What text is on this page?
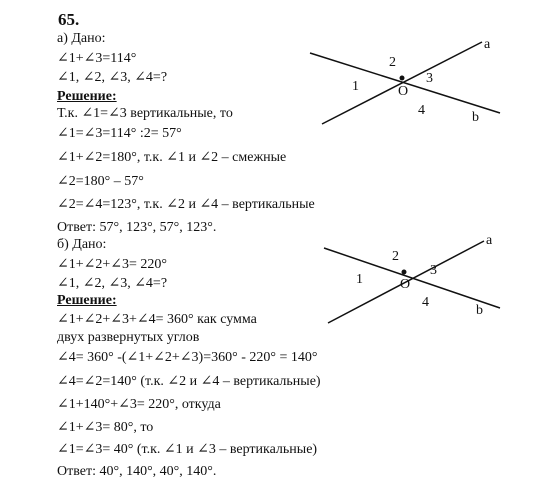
65.
а) Дано:
∠1+∠3=114°
∠1, ∠2, ∠3, ∠4=?
Решение:
Т.к. ∠1=∠3 вертикальные, то
∠1=∠3=114° :2= 57°
∠1+∠2=180°, т.к. ∠1 и ∠2 – смежные
∠2=180° – 57°
∠2=∠4=123°, т.к. ∠2 и ∠4 – вертикальные
Ответ: 57°, 123°, 57°, 123°.
a
b
O
1
2
3
4
б) Дано:
∠1+∠2+∠3= 220°
∠1, ∠2, ∠3, ∠4=?
Решение:
∠1+∠2+∠3+∠4= 360° как сумма
двух развернутых углов
∠4= 360° -(∠1+∠2+∠3)=360° - 220° = 140°
∠4=∠2=140° (т.к. ∠2 и ∠4 – вертикальные)
∠1+140°+∠3= 220°, откуда
∠1+∠3= 80°, то
∠1=∠3= 40° (т.к. ∠1 и ∠3 – вертикальные)
Ответ: 40°, 140°, 40°, 140°.
a
b
O
1
2
3
4
